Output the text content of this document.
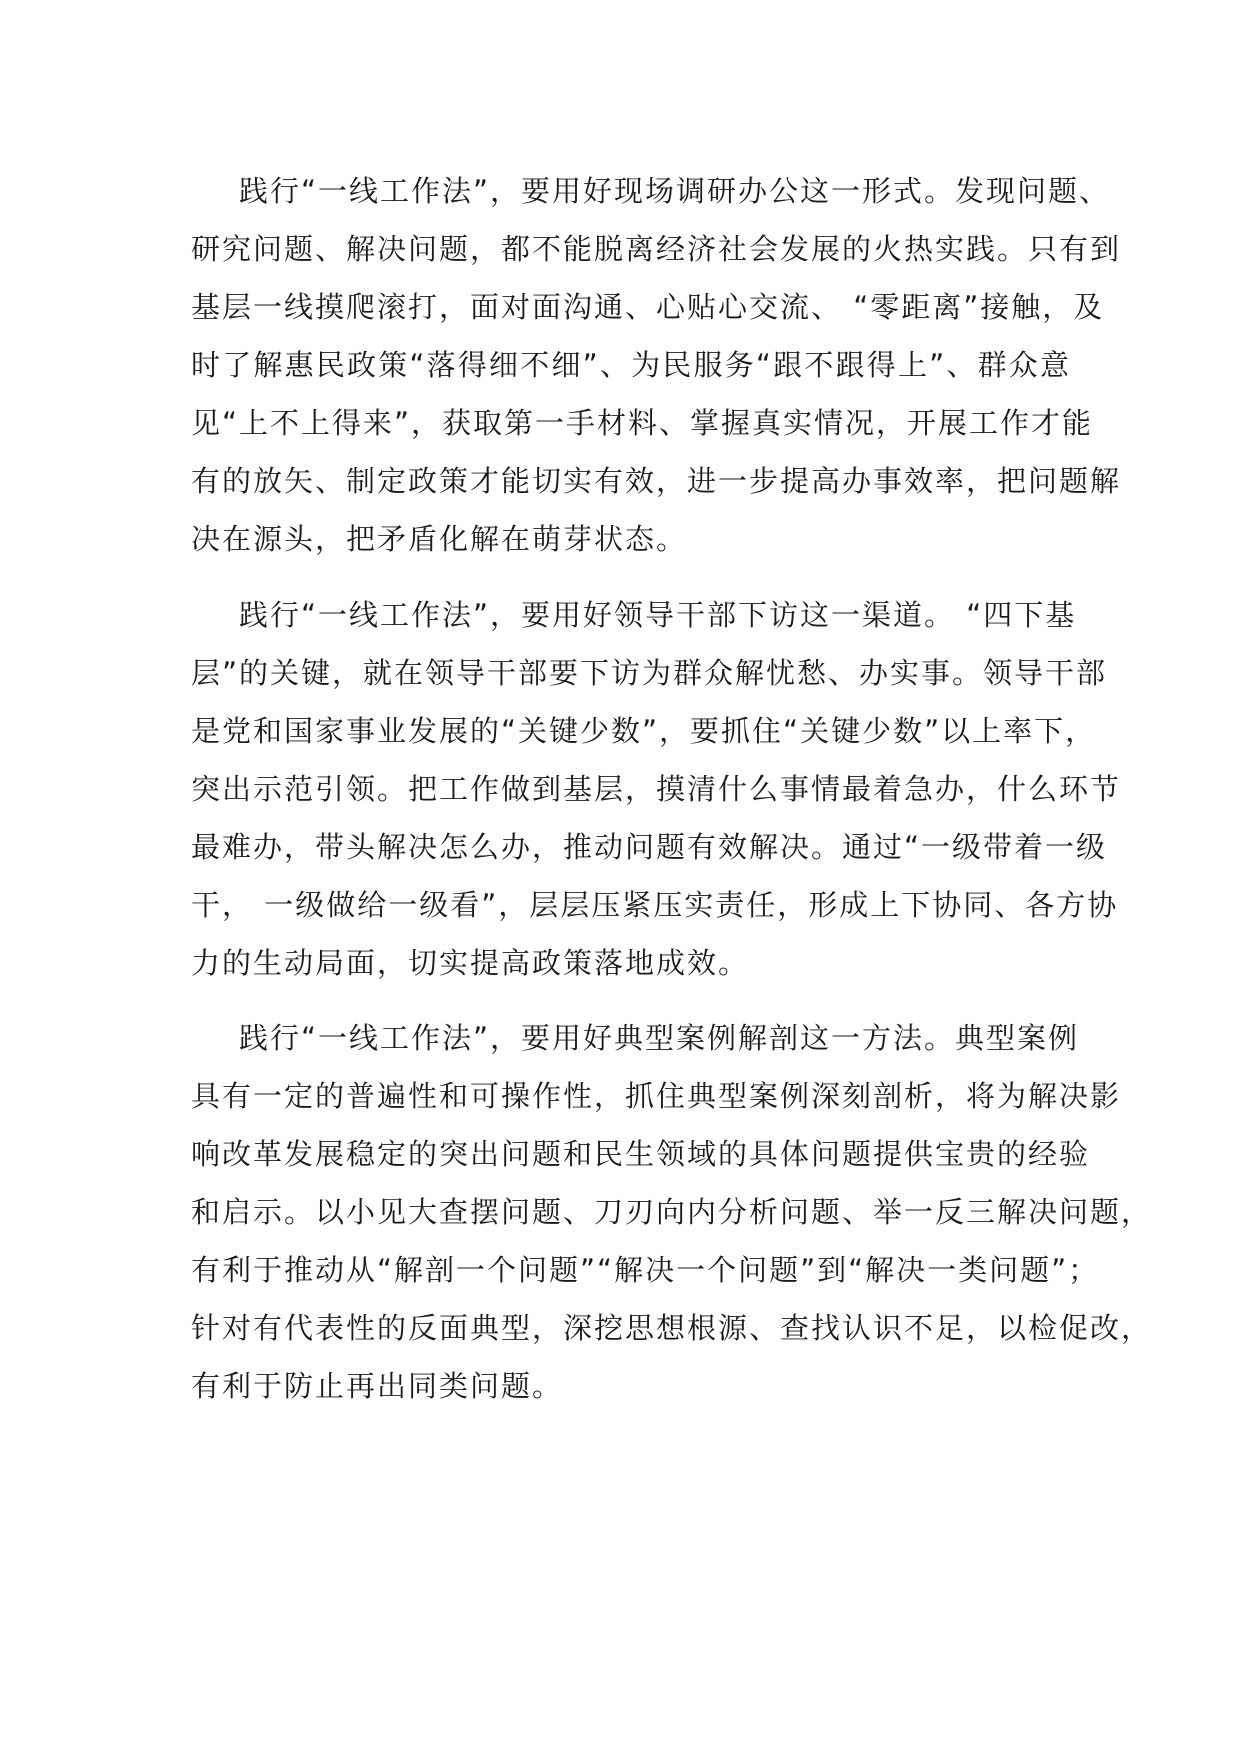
践行“一线工作法”，要用好现场调研办公这一形式。发现问题、
研究问题、解决问题，都不能脱离经济社会发展的火热实践。只有到
基层一线摸爬滚打，面对面沟通、心贴心交流、 “零距离”接触，及
时了解惠民政策“落得细不细”、为民服务“跟不跟得上”、群众意
见“上不上得来”，获取第一手材料、掌握真实情况，开展工作才能
有的放矢、制定政策才能切实有效，进一步提高办事效率，把问题解
决在源头，把矛盾化解在萌芽状态。

践行“一线工作法”，要用好领导干部下访这一渠道。 “四下基
层”的关键，就在领导干部要下访为群众解忧愁、办实事。领导干部
是党和国家事业发展的“关键少数”，要抓住“关键少数”以上率下，
突出示范引领。把工作做到基层，摸清什么事情最着急办，什么环节
最难办，带头解决怎么办，推动问题有效解决。通过“一级带着一级
干， 一级做给一级看”，层层压紧压实责任，形成上下协同、各方协
力的生动局面，切实提高政策落地成效。

践行“一线工作法”，要用好典型案例解剖这一方法。典型案例
具有一定的普遍性和可操作性，抓住典型案例深刻剖析，将为解决影
响改革发展稳定的突出问题和民生领域的具体问题提供宝贵的经验
和启示。以小见大查摆问题、刀刃向内分析问题、举一反三解决问题，
有利于推动从“解剖一个问题”“解决一个问题”到“解决一类问题”；
针对有代表性的反面典型，深挖思想根源、查找认识不足，以检促改，
有利于防止再出同类问题。
